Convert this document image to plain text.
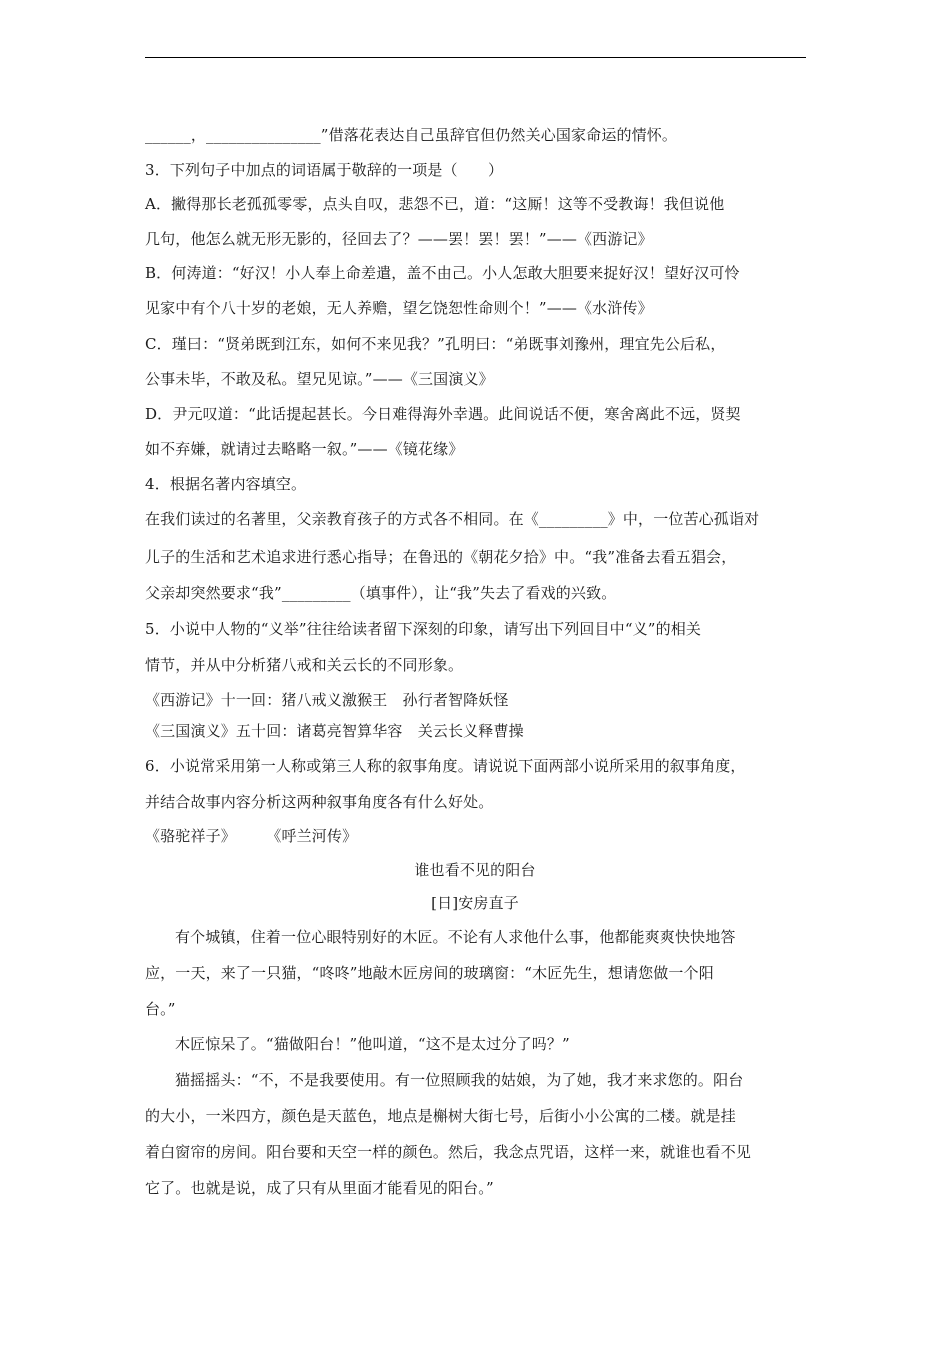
______，_______________”借落花表达自己虽辞官但仍然关心国家命运的情怀。
3．下列句子中加点的词语属于敬辞的一项是（　　）
A．撇得那长老孤孤零零，点头自叹，悲怨不已，道：“这厮！这等不受教诲！我但说他
几句，他怎么就无形无影的，径回去了？——罢！罢！罢！”——《西游记》
B．何涛道：“好汉！小人奉上命差遣，盖不由己。小人怎敢大胆要来捉好汉！望好汉可怜
见家中有个八十岁的老娘，无人养赡，望乞饶恕性命则个！”——《水浒传》
C．瑾曰：“贤弟既到江东，如何不来见我？”孔明曰：“弟既事刘豫州，理宜先公后私，
公事未毕，不敢及私。望兄见谅。”——《三国演义》
D．尹元叹道：“此话提起甚长。今日难得海外幸遇。此间说话不便，寒舍离此不远，贤契
如不弃嫌，就请过去略略一叙。”——《镜花缘》
4．根据名著内容填空。
在我们读过的名著里，父亲教育孩子的方式各不相同。在《_________》中，一位苦心孤诣对
儿子的生活和艺术追求进行悉心指导；在鲁迅的《朝花夕拾》中。“我”准备去看五猖会，
父亲却突然要求“我”_________（填事件），让“我”失去了看戏的兴致。
5．小说中人物的“义举”往往给读者留下深刻的印象，请写出下列回目中“义”的相关
情节，并从中分析猪八戒和关云长的不同形象。
《西游记》十一回：猪八戒义激猴王　孙行者智降妖怪
《三国演义》五十回：诸葛亮智算华容　关云长义释曹操
6．小说常采用第一人称或第三人称的叙事角度。请说说下面两部小说所采用的叙事角度，
并结合故事内容分析这两种叙事角度各有什么好处。
《骆驼祥子》　　　《呼兰河传》
谁也看不见的阳台
[日]安房直子
有个城镇，住着一位心眼特别好的木匠。不论有人求他什么事，他都能爽爽快快地答
应，一天，来了一只猫，“咚咚”地敲木匠房间的玻璃窗：“木匠先生，想请您做一个阳
台。”
木匠惊呆了。“猫做阳台！”他叫道，“这不是太过分了吗？”
猫摇摇头：“不，不是我要使用。有一位照顾我的姑娘，为了她，我才来求您的。阳台
的大小，一米四方，颜色是天蓝色，地点是槲树大街七号，后街小小公寓的二楼。就是挂
着白窗帘的房间。阳台要和天空一样的颜色。然后，我念点咒语，这样一来，就谁也看不见
它了。也就是说，成了只有从里面才能看见的阳台。”
